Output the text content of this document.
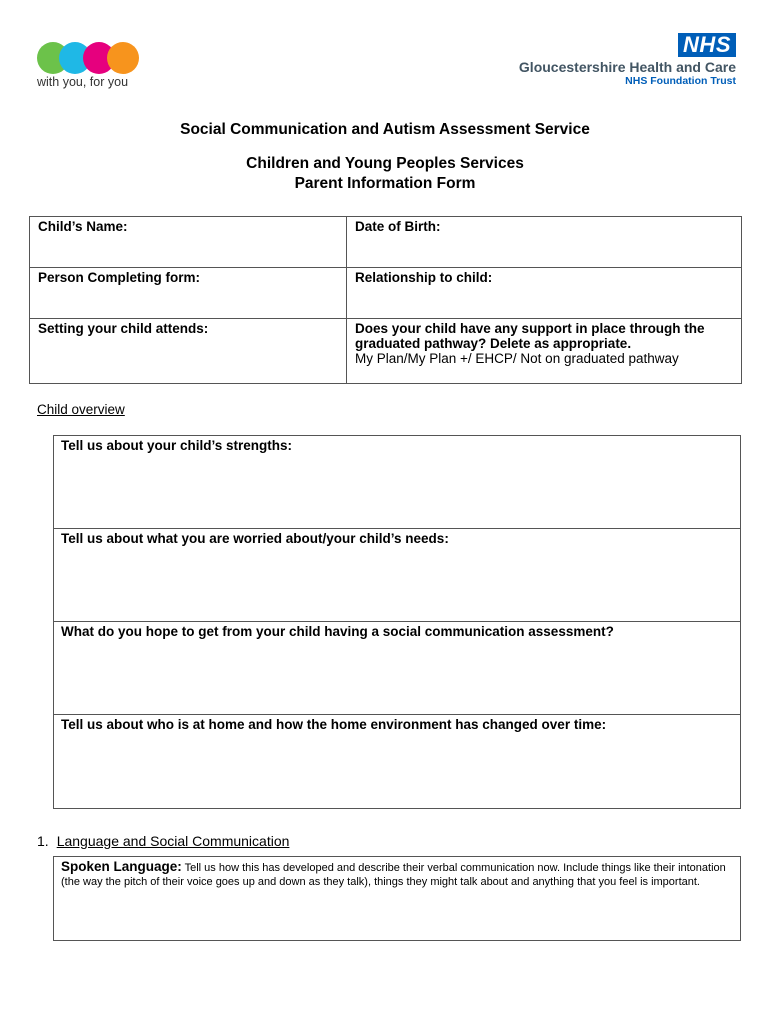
with you, for you
NHS
Gloucestershire Health and Care
NHS Foundation Trust
Social Communication and Autism Assessment Service
Children and Young Peoples Services
Parent Information Form
Child’s Name:	Date of Birth:
Person Completing form:	Relationship to child:
Setting your child attends:	Does your child have any support in place through the graduated pathway? Delete as appropriate.
My Plan/My Plan +/ EHCP/ Not on graduated pathway
Child overview
Tell us about your child’s strengths:
Tell us about what you are worried about/your child’s needs:
What do you hope to get from your child having a social communication assessment?
Tell us about who is at home and how the home environment has changed over time:
1. Language and Social Communication
Spoken Language: Tell us how this has developed and describe their verbal communication now. Include things like their intonation (the way the pitch of their voice goes up and down as they talk), things they might talk about and anything that you feel is important.
